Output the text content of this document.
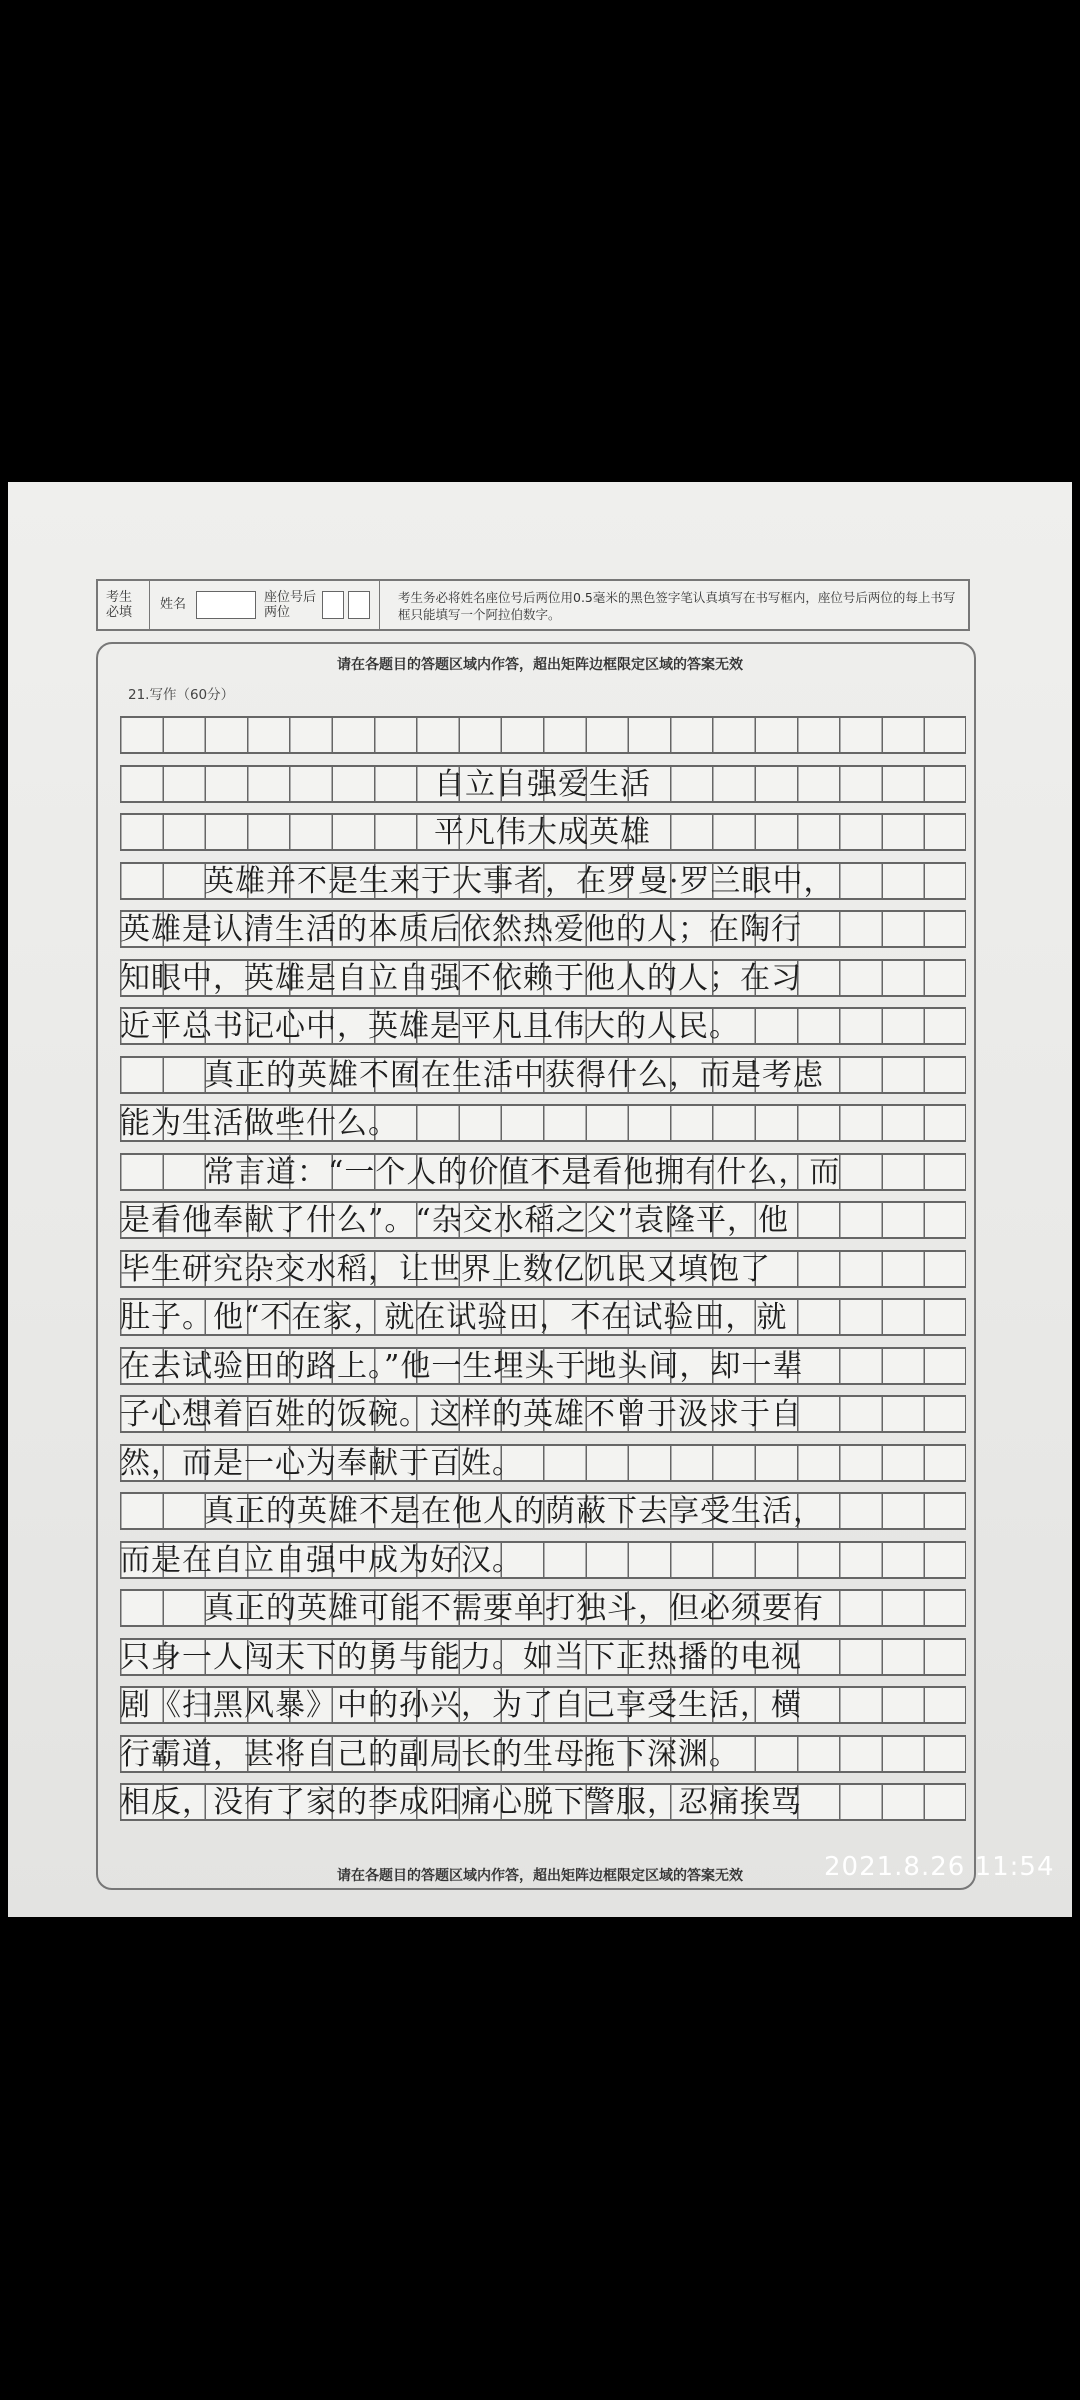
考生必填
姓名	座位号后两位
考生务必将姓名座位号后两位用0.5毫米的黑色签字笔认真填写在书写框内，座位号后两位的每上书写框只能填写一个阿拉伯数字。
请在各题目的答题区域内作答，超出矩阵边框限定区域的答案无效
21.写作（60分）
自立自强爱生活
平凡伟大成英雄
英雄并不是生来于大事者，在罗曼·罗兰眼中，
英雄是认清生活的本质后依然热爱他的人；在陶行
知眼中，英雄是自立自强不依赖于他人的人；在习
近平总书记心中，英雄是平凡且伟大的人民。
真正的英雄不囿在生活中获得什么，而是考虑
能为生活做些什么。
常言道：“一个人的价值不是看他拥有什么，而
是看他奉献了什么”。“杂交水稻之父”袁隆平，他
毕生研究杂交水稻，让世界上数亿饥民又填饱了
肚子。他“不在家，就在试验田，不在试验田，就
在去试验田的路上。”他一生埋头于地头间，却一辈
子心想着百姓的饭碗。这样的英雄不曾于汲求于自
然，而是一心为奉献于百姓。
真正的英雄不是在他人的荫蔽下去享受生活，
而是在自立自强中成为好汉。
真正的英雄可能不需要单打独斗，但必须要有
只身一人闯天下的勇与能力。如当下正热播的电视
剧《扫黑风暴》中的孙兴，为了自己享受生活，横
行霸道，甚将自己的副局长的生母拖下深渊。
相反，没有了家的李成阳痛心脱下警服，忍痛挨骂
请在各题目的答题区域内作答，超出矩阵边框限定区域的答案无效	2021.8.26 11:54
